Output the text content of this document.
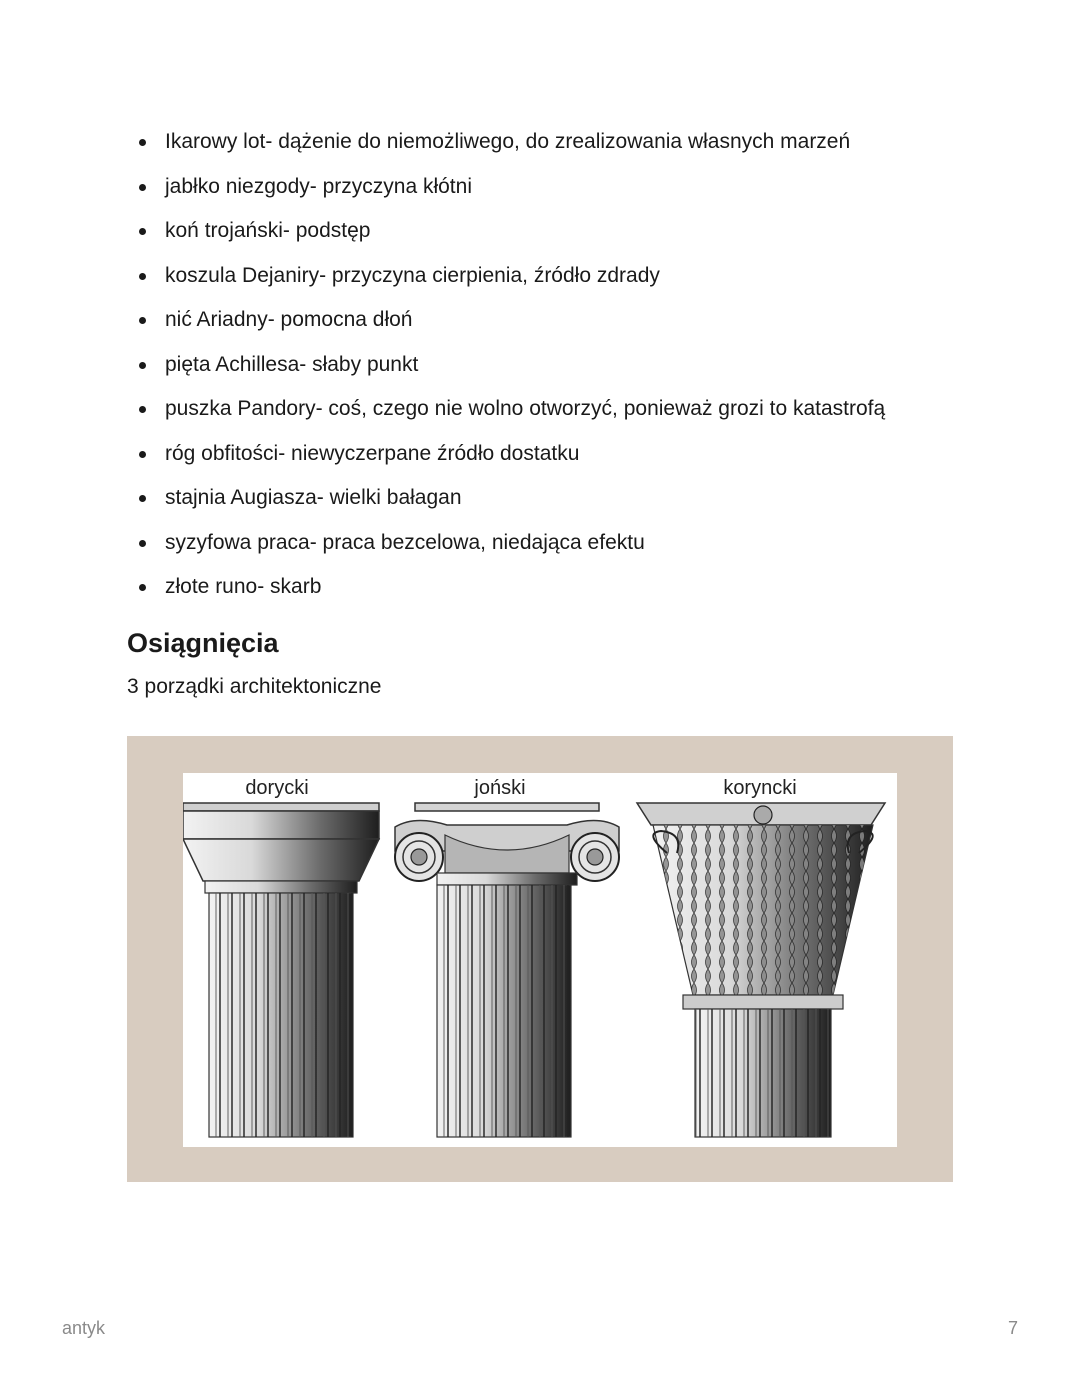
Ikarowy lot- dążenie do niemożliwego, do zrealizowania własnych marzeń
jabłko niezgody- przyczyna kłótni
koń trojański- podstęp
koszula Dejaniry- przyczyna cierpienia, źródło zdrady
nić Ariadny- pomocna dłoń
pięta Achillesa- słaby punkt
puszka Pandory- coś, czego nie wolno otworzyć, ponieważ grozi to katastrofą
róg obfitości- niewyczerpane źródło dostatku
stajnia Augiasza- wielki bałagan
syzyfowa praca- praca bezcelowa, niedająca efektu
złote runo- skarb
Osiągnięcia

3 porządki architektoniczne

dorycki	joński	koryncki
antyk	7
